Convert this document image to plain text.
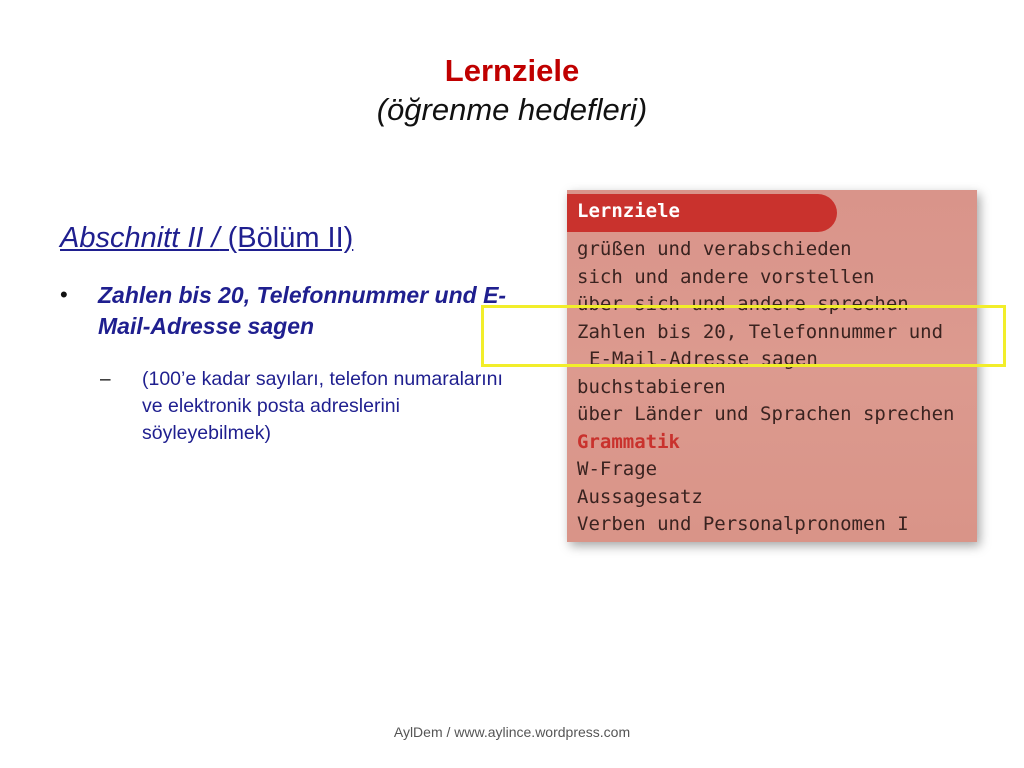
Lernziele
(öğrenme hedefleri)
Abschnitt II / (Bölüm II)
• Zahlen bis 20, Telefonnummer und E-Mail-Adresse sagen
– (100’e kadar sayıları, telefon numaralarını ve elektronik posta adreslerini söyleyebilmek)
Lernziele
grüßen und verabschieden
sich und andere vorstellen
über sich und andere sprechen
Zahlen bis 20, Telefonnummer und
E-Mail-Adresse sagen
buchstabieren
über Länder und Sprachen sprechen
Grammatik
W-Frage
Aussagesatz
Verben und Personalpronomen I
AylDem / www.aylince.wordpress.com
